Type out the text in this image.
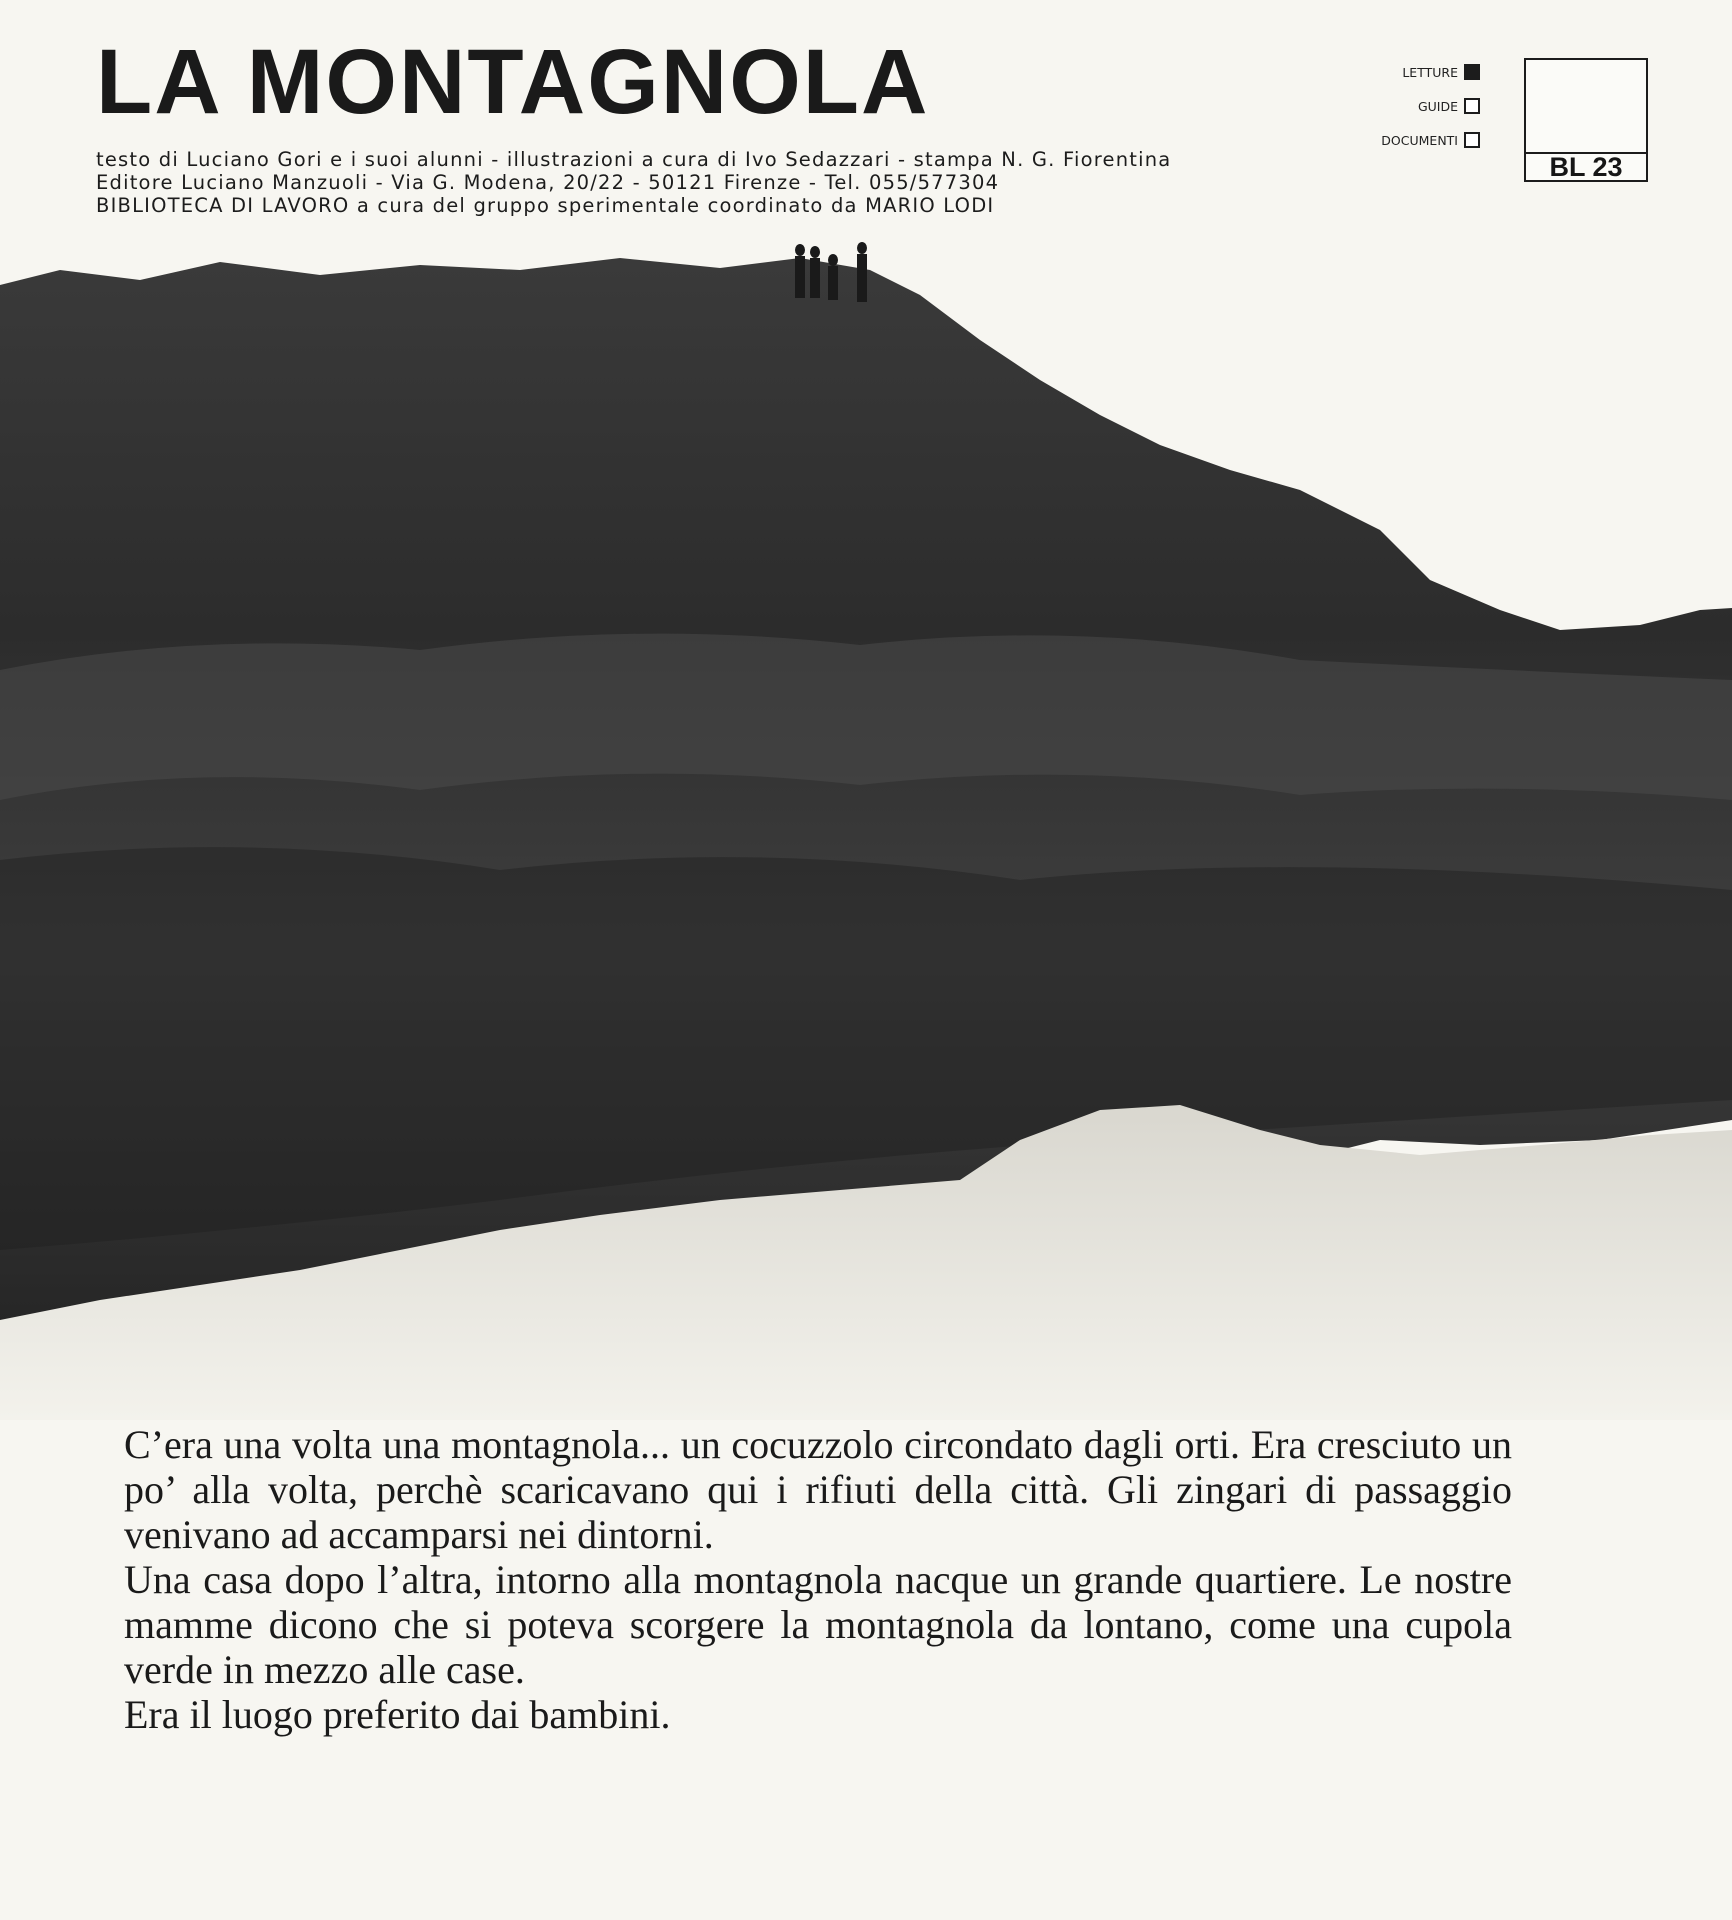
LA MONTAGNOLA
testo di Luciano Gori e i suoi alunni - illustrazioni a cura di Ivo Sedazzari - stampa N. G. Fiorentina
Editore Luciano Manzuoli - Via G. Modena, 20/22 - 50121 Firenze - Tel. 055/577304
BIBLIOTECA DI LAVORO a cura del gruppo sperimentale coordinato da MARIO LODI
LETTURE
GUIDE
DOCUMENTI
BL 23

C’era una volta una montagnola... un cocuzzolo circondato dagli orti. Era cresciuto un po’ alla volta, perchè scaricavano qui i rifiuti della città. Gli zingari di passaggio venivano ad accamparsi nei dintorni.

Una casa dopo l’altra, intorno alla montagnola nacque un grande quartiere. Le nostre mamme dicono che si poteva scorgere la montagnola da lontano, come una cupola verde in mezzo alle case.

Era il luogo preferito dai bambini.
